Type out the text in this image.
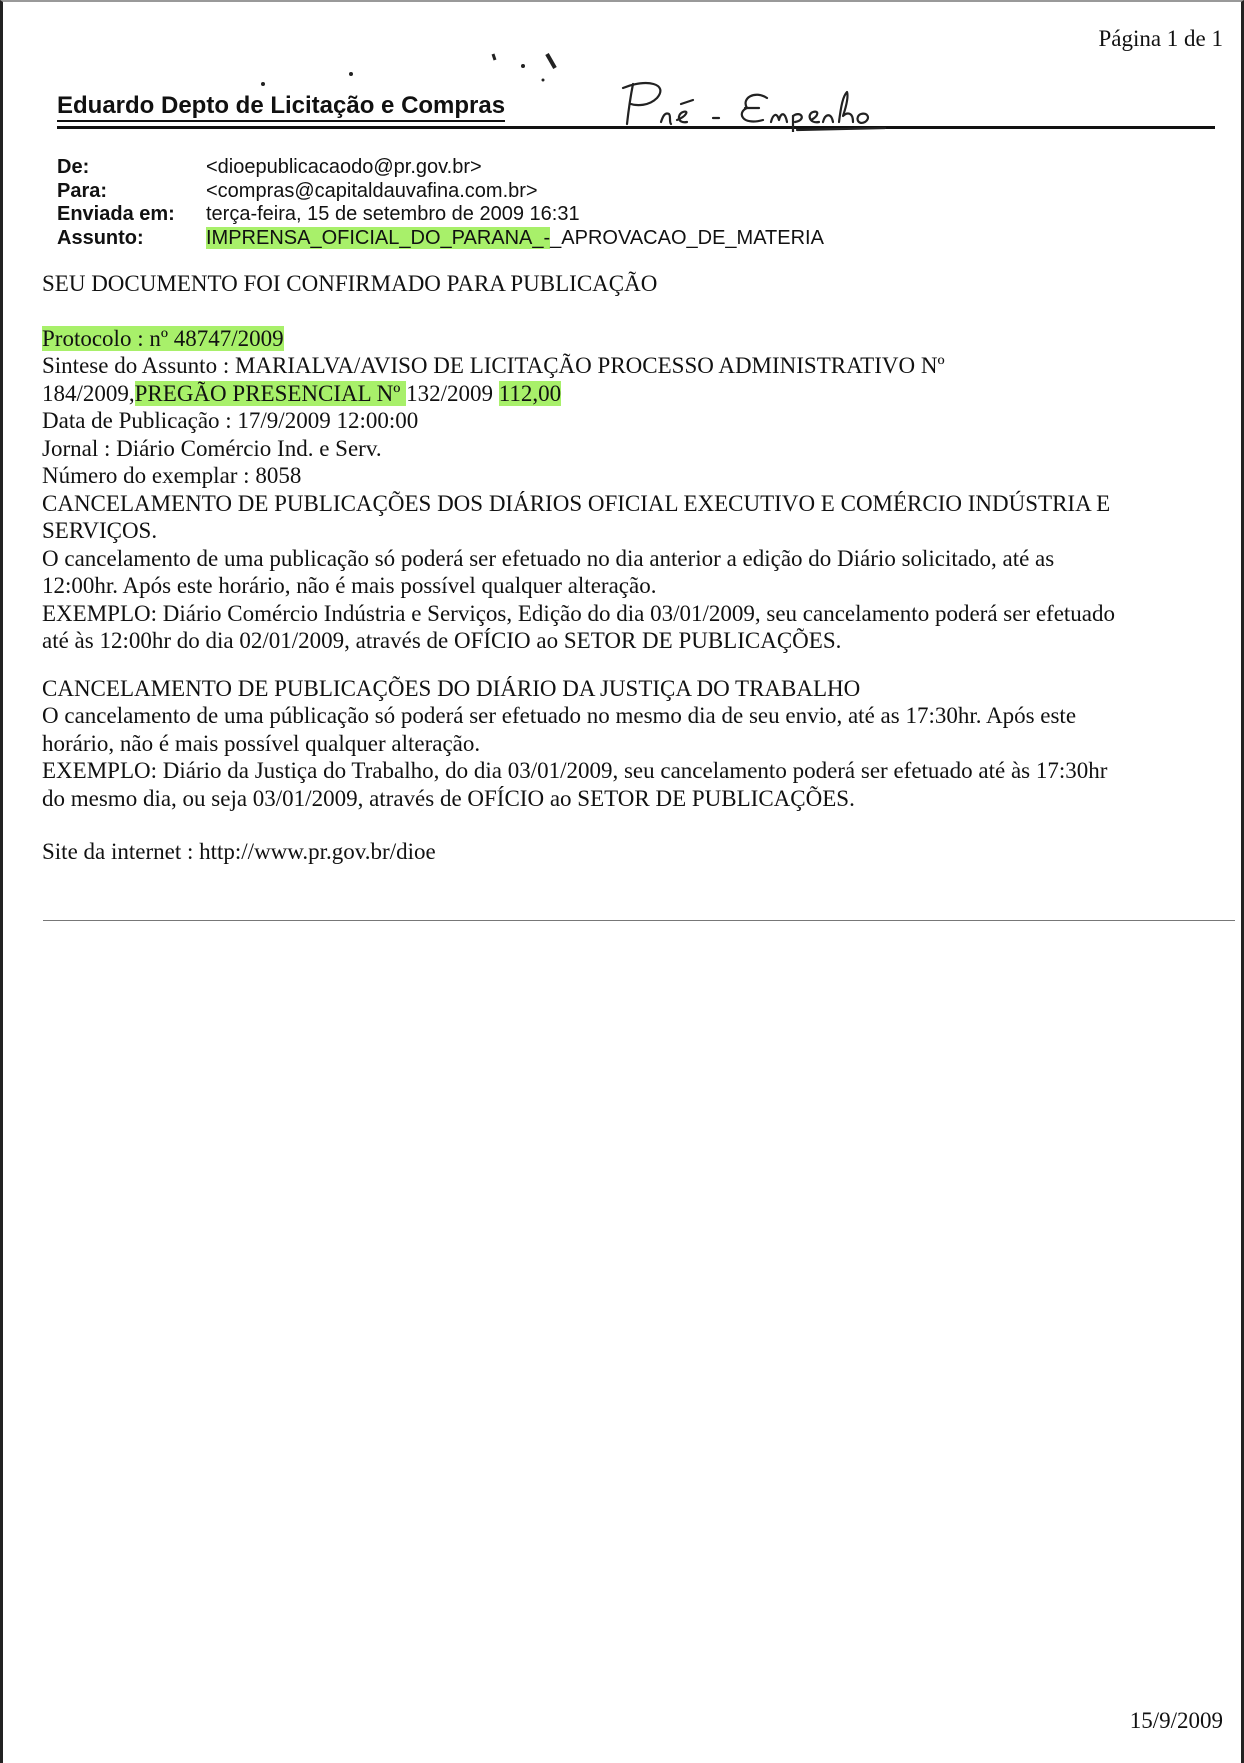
Página 1 de 1
Eduardo Depto de Licitação e Compras
De:	<dioepublicacaodo@pr.gov.br>
Para:	<compras@capitaldauvafina.com.br>
Enviada em:	terça-feira, 15 de setembro de 2009 16:31
Assunto:	IMPRENSA_OFICIAL_DO_PARANA_-_APROVACAO_DE_MATERIA

SEU DOCUMENTO FOI CONFIRMADO PARA PUBLICAÇÃO

Protocolo : nº 48747/2009

Sintese do Assunto : MARIALVA/AVISO DE LICITAÇÃO PROCESSO ADMINISTRATIVO Nº

184/2009,PREGÃO PRESENCIAL Nº 132/2009 112,00

Data de Publicação : 17/9/2009 12:00:00

Jornal : Diário Comércio Ind. e Serv.

Número do exemplar : 8058

CANCELAMENTO DE PUBLICAÇÕES DOS DIÁRIOS OFICIAL EXECUTIVO E COMÉRCIO INDÚSTRIA E

SERVIÇOS.

O cancelamento de uma publicação só poderá ser efetuado no dia anterior a edição do Diário solicitado, até as

12:00hr. Após este horário, não é mais possível qualquer alteração.

EXEMPLO: Diário Comércio Indústria e Serviços, Edição do dia 03/01/2009, seu cancelamento poderá ser efetuado

até às 12:00hr do dia 02/01/2009, através de OFÍCIO ao SETOR DE PUBLICAÇÕES.

CANCELAMENTO DE PUBLICAÇÕES DO DIÁRIO DA JUSTIÇA DO TRABALHO

O cancelamento de uma públicação só poderá ser efetuado no mesmo dia de seu envio, até as 17:30hr. Após este

horário, não é mais possível qualquer alteração.

EXEMPLO: Diário da Justiça do Trabalho, do dia 03/01/2009, seu cancelamento poderá ser efetuado até às 17:30hr

do mesmo dia, ou seja 03/01/2009, através de OFÍCIO ao SETOR DE PUBLICAÇÕES.

Site da internet : http://www.pr.gov.br/dioe

15/9/2009
